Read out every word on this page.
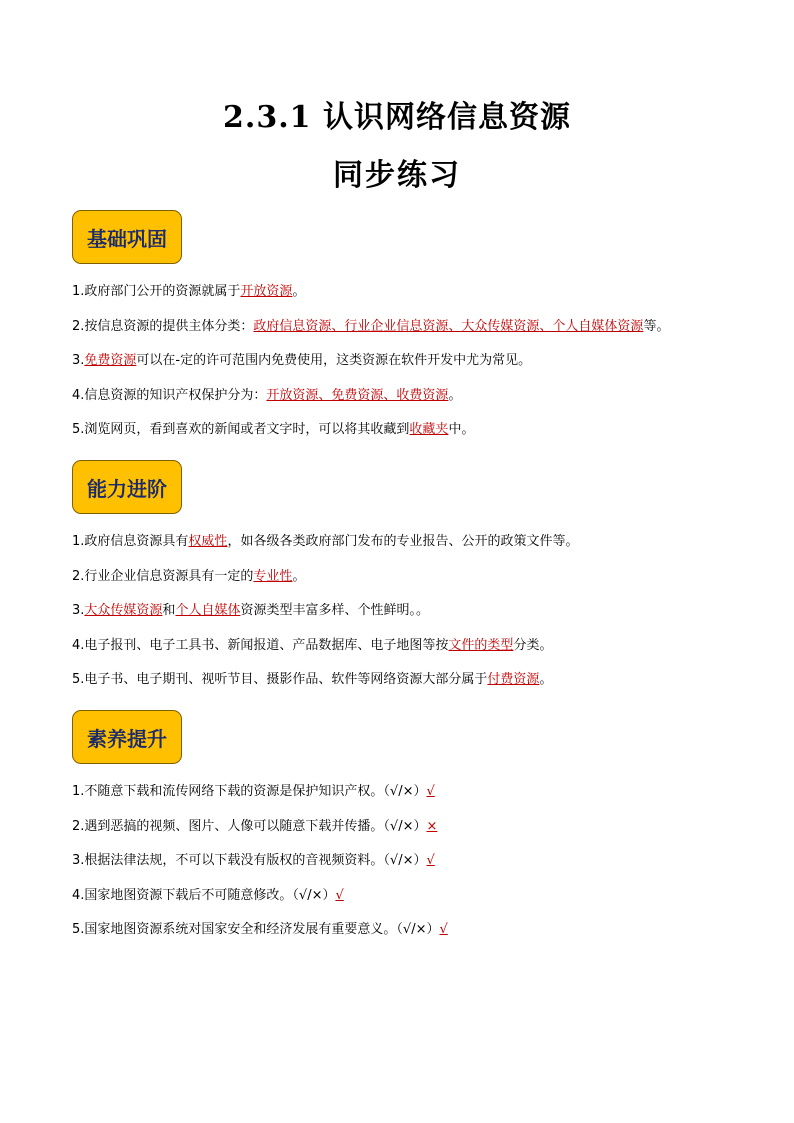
2.3.1 认识网络信息资源
同步练习
基础巩固
1.政府部门公开的资源就属于开放资源。
2.按信息资源的提供主体分类：政府信息资源、行业企业信息资源、大众传媒资源、个人自媒体资源等。
3.免费资源可以在-定的许可范围内免费使用，这类资源在软件开发中尤为常见。
4.信息资源的知识产权保护分为：开放资源、免费资源、收费资源。
5.浏览网页，看到喜欢的新闻或者文字时，可以将其收藏到收藏夹中。
能力进阶
1.政府信息资源具有权威性，如各级各类政府部门发布的专业报告、公开的政策文件等。
2.行业企业信息资源具有一定的专业性。
3.大众传媒资源和个人自媒体资源类型丰富多样、个性鲜明。。
4.电子报刊、电子工具书、新闻报道、产品数据库、电子地图等按文件的类型分类。
5.电子书、电子期刊、视听节目、摄影作品、软件等网络资源大部分属于付费资源。
素养提升
1.不随意下载和流传网络下载的资源是保护知识产权。（√/×）√
2.遇到恶搞的视频、图片、人像可以随意下载并传播。（√/×）×
3.根据法律法规，不可以下载没有版权的音视频资料。（√/×）√
4.国家地图资源下载后不可随意修改。（√/×）√
5.国家地图资源系统对国家安全和经济发展有重要意义。（√/×）√
